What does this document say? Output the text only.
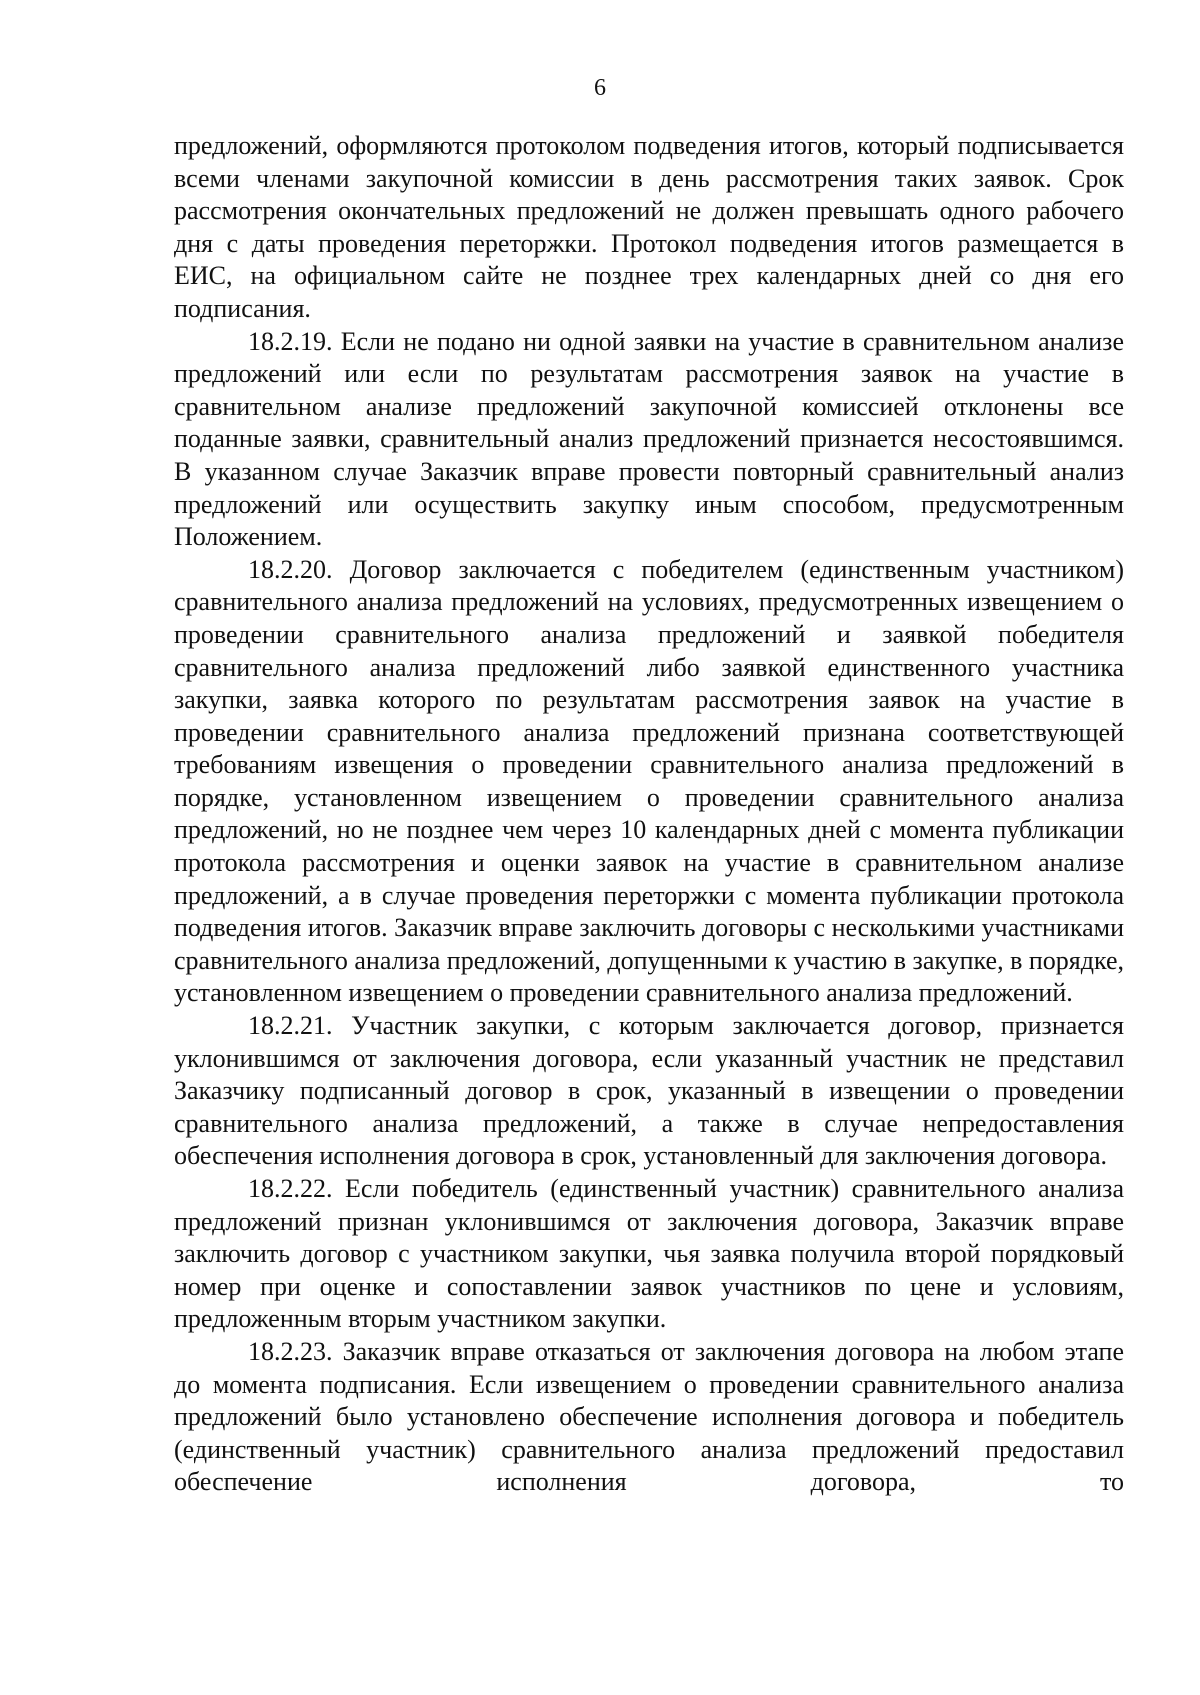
6

предложений, оформляются протоколом подведения итогов, который подписывается всеми членами закупочной комиссии в день рассмотрения таких заявок. Срок рассмотрения окончательных предложений не должен превышать одного рабочего дня с даты проведения переторжки. Протокол подведения итогов размещается в ЕИС, на официальном сайте не позднее трех календарных дней со дня его подписания.

18.2.19. Если не подано ни одной заявки на участие в сравнительном анализе предложений или если по результатам рассмотрения заявок на участие в сравнительном анализе предложений закупочной комиссией отклонены все поданные заявки, сравнительный анализ предложений признается несостоявшимся. В указанном случае Заказчик вправе провести повторный сравнительный анализ предложений или осуществить закупку иным способом, предусмотренным Положением.

18.2.20. Договор заключается с победителем (единственным участником) сравнительного анализа предложений на условиях, предусмотренных извещением о проведении сравнительного анализа предложений и заявкой победителя сравнительного анализа предложений либо заявкой единственного участника закупки, заявка которого по результатам рассмотрения заявок на участие в проведении сравнительного анализа предложений признана соответствующей требованиям извещения о проведении сравнительного анализа предложений в порядке, установленном извещением о проведении сравнительного анализа предложений, но не позднее чем через 10 календарных дней с момента публикации протокола рассмотрения и оценки заявок на участие в сравнительном анализе предложений, а в случае проведения переторжки с момента публикации протокола подведения итогов. Заказчик вправе заключить договоры с несколькими участниками сравнительного анализа предложений, допущенными к участию в закупке, в порядке, установленном извещением о проведении сравнительного анализа предложений.

18.2.21. Участник закупки, с которым заключается договор, признается уклонившимся от заключения договора, если указанный участник не представил Заказчику подписанный договор в срок, указанный в извещении о проведении сравнительного анализа предложений, а также в случае непредоставления обеспечения исполнения договора в срок, установленный для заключения договора.

18.2.22. Если победитель (единственный участник) сравнительного анализа предложений признан уклонившимся от заключения договора, Заказчик вправе заключить договор с участником закупки, чья заявка получила второй порядковый номер при оценке и сопоставлении заявок участников по цене и условиям, предложенным вторым участником закупки.

18.2.23. Заказчик вправе отказаться от заключения договора на любом этапе до момента подписания. Если извещением о проведении сравнительного анализа предложений было установлено обеспечение исполнения договора и победитель (единственный участник) сравнительного анализа предложений предоставил обеспечение исполнения договора, то
